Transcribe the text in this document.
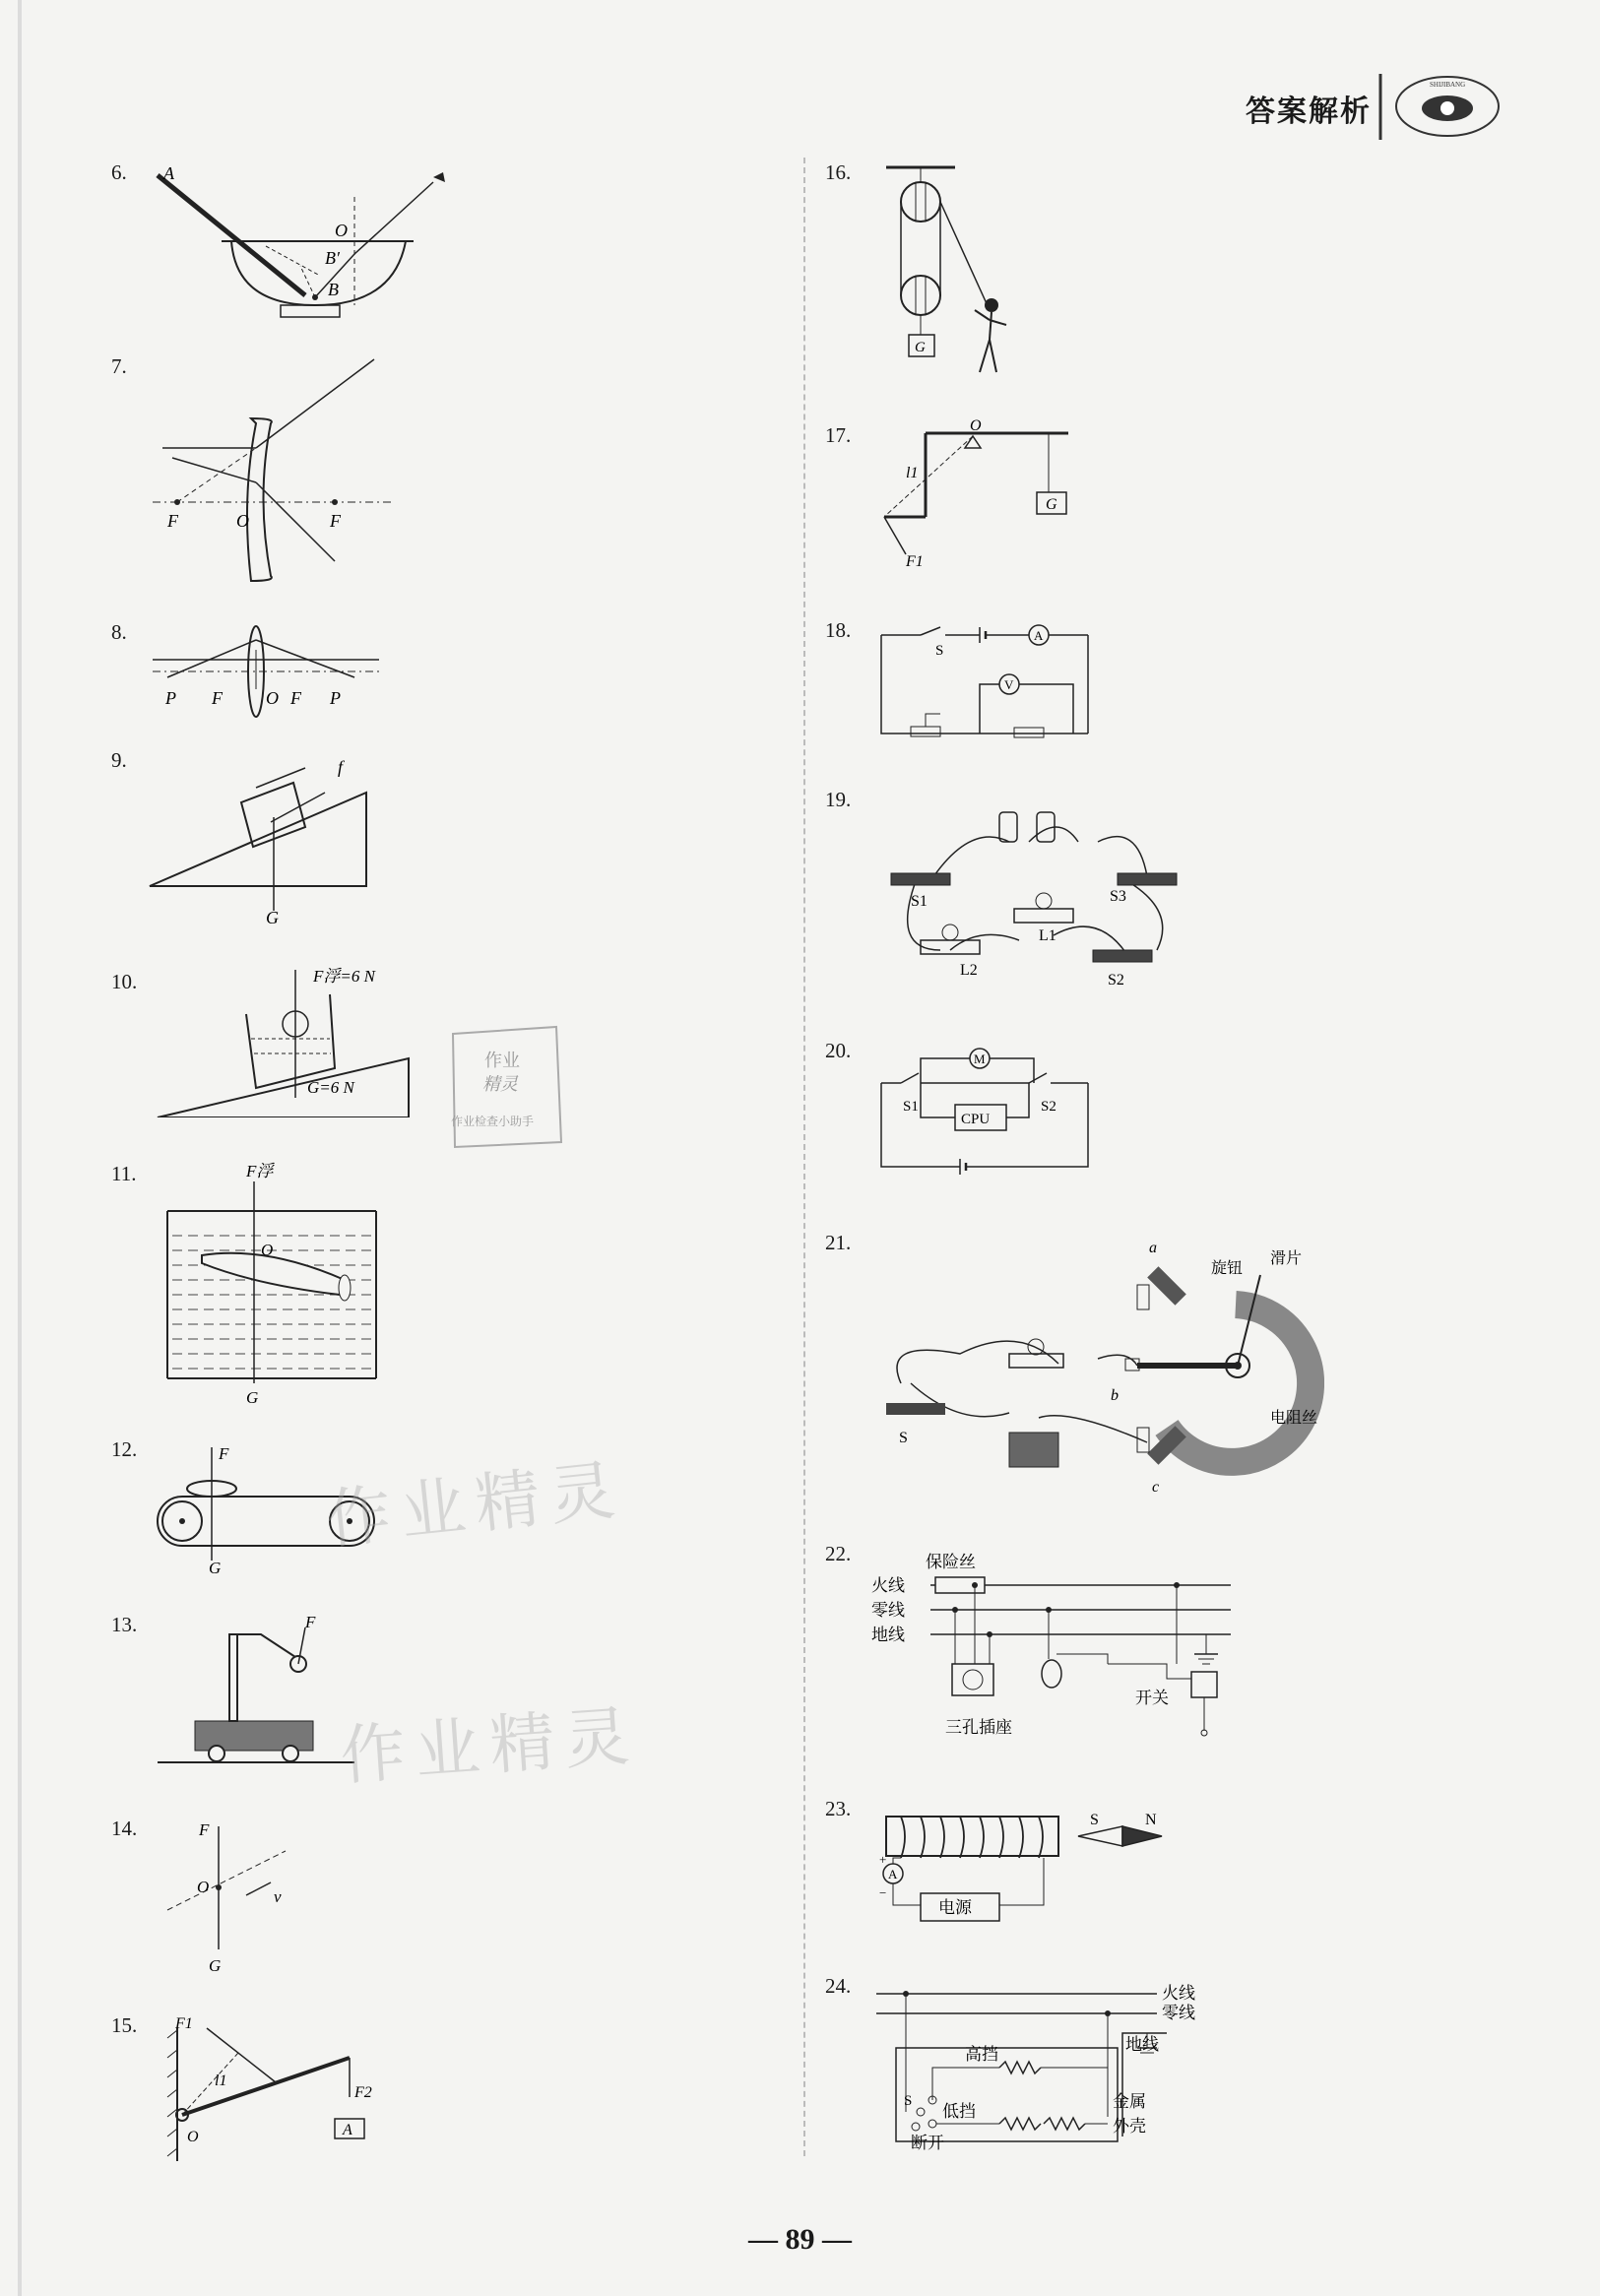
答案解析
SHIJIBANG
6. A
O
B′
B
7.
F	O	F
8.
P F O F P
9.	f
G
10.	F浮=6 N
G=6 N
11.	F浮
O
G
12.	F
G
13.	F
14.	F
O
v
G
15. F1
l1
F2
O	A
16.
G
17.	O
l1
G
F1
18.
S
A
V
19.
S1	S3
L1
L2
S2
20.	M
S1
CPU
S2
21.	a
旋钮
滑片
b
电阻丝
S
c
22.	保险丝
火线
零线
地线
开关
三孔插座
23.	S	N
A
+
−
电源
24.	火线
零线
地线
高挡
S
低挡
断开
金属
外壳
作业
精灵
作业检查小助手
作业精灵
作业精灵
— 89 —
